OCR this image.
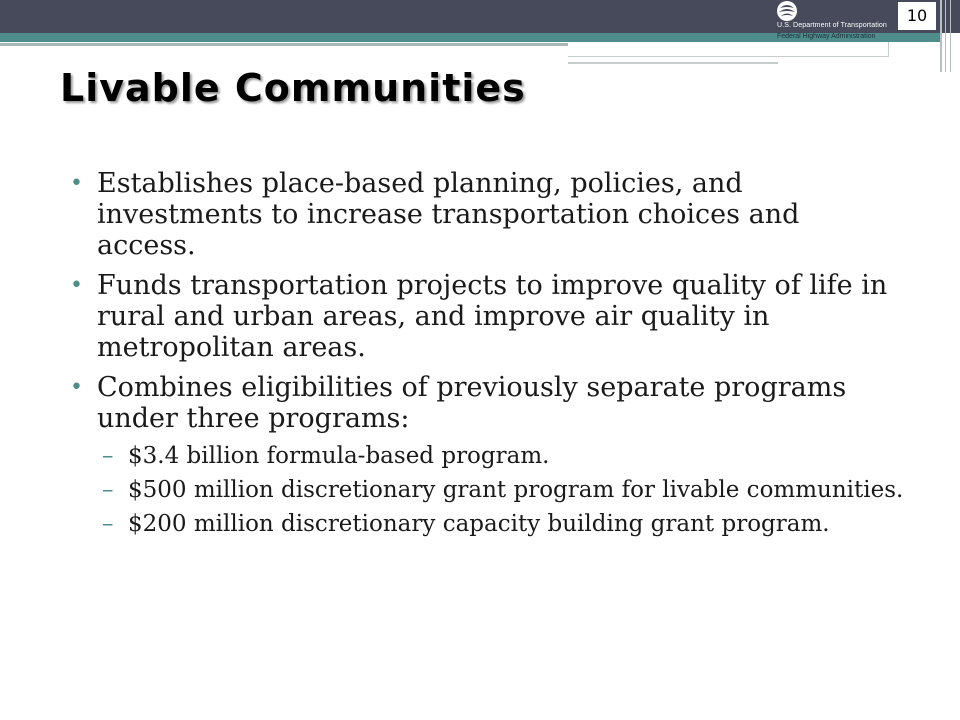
U.S. Department of Transportation
Federal Highway Administration
10
Livable Communities
• Establishes place-based planning, policies, and investments to increase transportation choices and access.
• Funds transportation projects to improve quality of life in rural and urban areas, and improve air quality in metropolitan areas.
• Combines eligibilities of previously separate programs under three programs:
– $3.4 billion formula-based program.
– $500 million discretionary grant program for livable communities.
– $200 million discretionary capacity building grant program.
